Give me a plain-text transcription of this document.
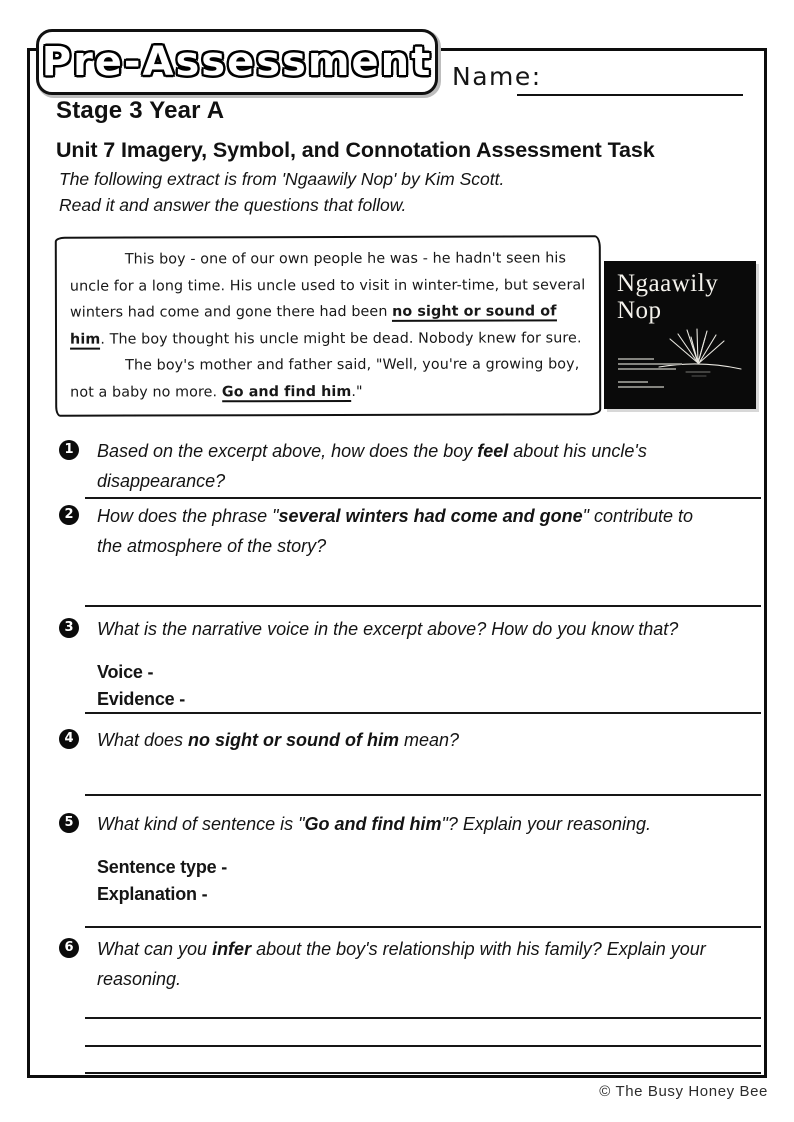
Pre-Assessment Name:
Stage 3 Year A
Unit 7 Imagery, Symbol, and Connotation Assessment Task

The following extract is from 'Ngaawily Nop' by Kim Scott.

Read it and answer the questions that follow.

This boy - one of our own people he was - he hadn't seen his uncle for a long time. His uncle used to visit in winter-time, but several winters had come and gone there had been no sight or sound of him. The boy thought his uncle might be dead. Nobody knew for sure.

The boy's mother and father said, "Well, you're a growing boy, not a baby no more. Go and find him."

Ngaawily
Nop
1	Based on the excerpt above, how does the boy feel about his uncle's disappearance?
2	How does the phrase "several winters had come and gone" contribute to the atmosphere of the story?
3	What is the narrative voice in the excerpt above? How do you know that?
Voice -
Evidence -
4	What does no sight or sound of him mean?
5	What kind of sentence is "Go and find him"? Explain your reasoning.
Sentence type -
Explanation -
6	What can you infer about the boy's relationship with his family? Explain your reasoning.
© The Busy Honey Bee
